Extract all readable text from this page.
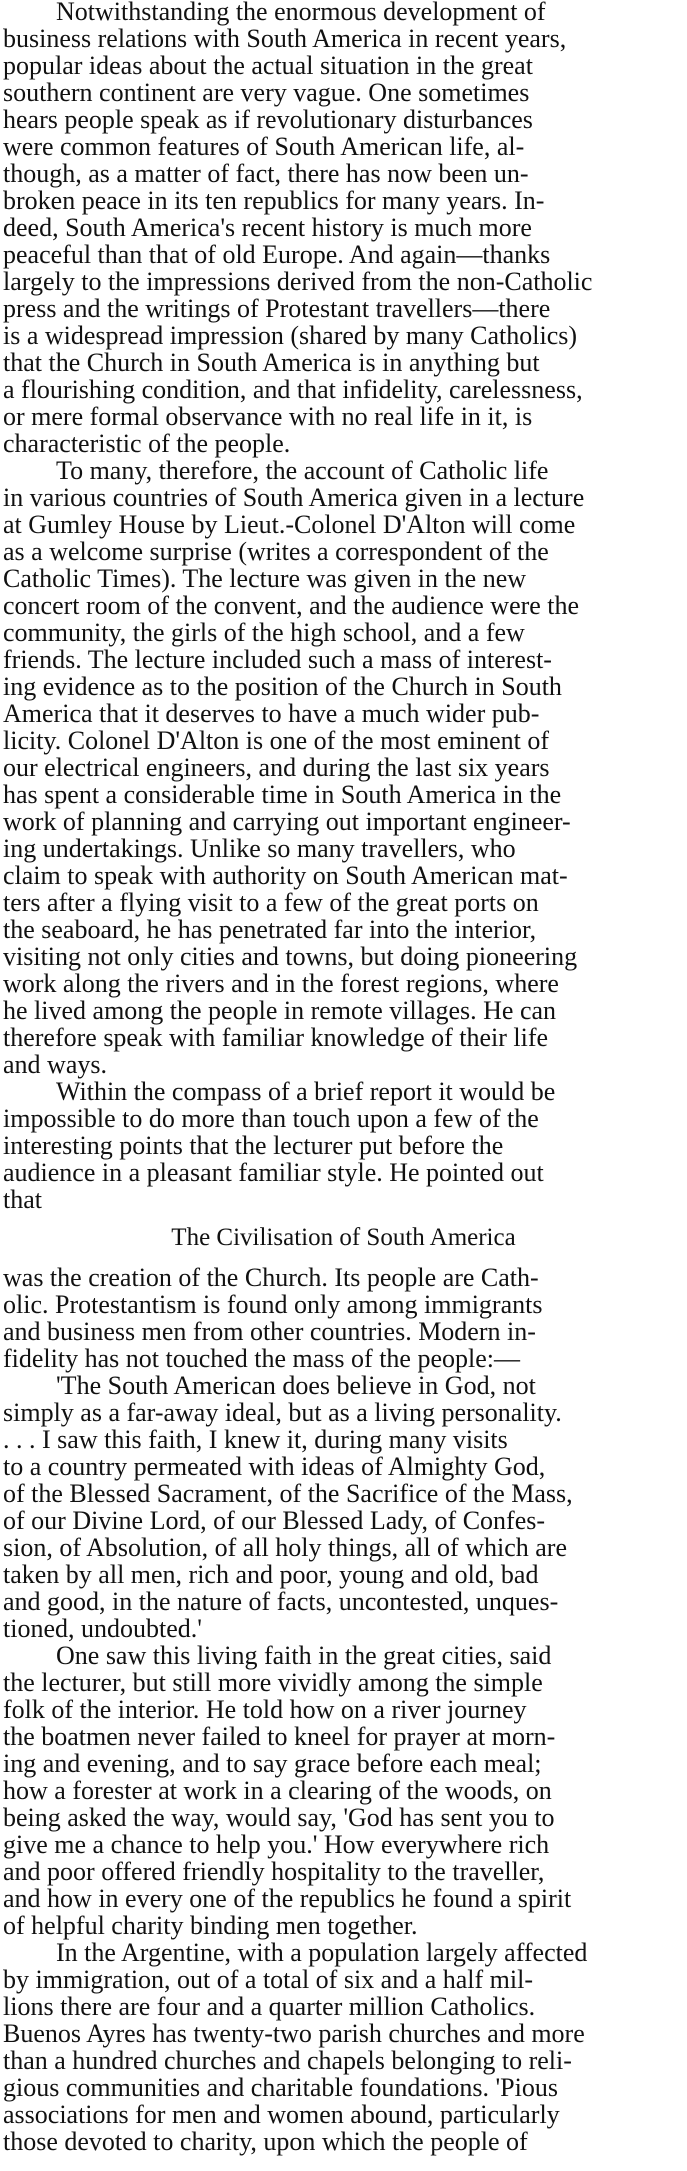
Notwithstanding the enormous development of
business relations with South America in recent years,
popular ideas about the actual situation in the great
southern continent are very vague. One sometimes
hears people speak as if revolutionary disturbances
were common features of South American life, al-
though, as a matter of fact, there has now been un-
broken peace in its ten republics for many years. In-
deed, South America's recent history is much more
peaceful than that of old Europe. And again—thanks
largely to the impressions derived from the non-Catholic
press and the writings of Protestant travellers—there
is a widespread impression (shared by many Catholics)
that the Church in South America is in anything but
a flourishing condition, and that infidelity, carelessness,
or mere formal observance with no real life in it, is
characteristic of the people.
To many, therefore, the account of Catholic life
in various countries of South America given in a lecture
at Gumley House by Lieut.-Colonel D'Alton will come
as a welcome surprise (writes a correspondent of the
Catholic Times). The lecture was given in the new
concert room of the convent, and the audience were the
community, the girls of the high school, and a few
friends. The lecture included such a mass of interest-
ing evidence as to the position of the Church in South
America that it deserves to have a much wider pub-
licity. Colonel D'Alton is one of the most eminent of
our electrical engineers, and during the last six years
has spent a considerable time in South America in the
work of planning and carrying out important engineer-
ing undertakings. Unlike so many travellers, who
claim to speak with authority on South American mat-
ters after a flying visit to a few of the great ports on
the seaboard, he has penetrated far into the interior,
visiting not only cities and towns, but doing pioneering
work along the rivers and in the forest regions, where
he lived among the people in remote villages. He can
therefore speak with familiar knowledge of their life
and ways.
Within the compass of a brief report it would be
impossible to do more than touch upon a few of the
interesting points that the lecturer put before the
audience in a pleasant familiar style. He pointed out
that
The Civilisation of South America
was the creation of the Church. Its people are Cath-
olic. Protestantism is found only among immigrants
and business men from other countries. Modern in-
fidelity has not touched the mass of the people:—
'The South American does believe in God, not
simply as a far-away ideal, but as a living personality.
. . . I saw this faith, I knew it, during many visits
to a country permeated with ideas of Almighty God,
of the Blessed Sacrament, of the Sacrifice of the Mass,
of our Divine Lord, of our Blessed Lady, of Confes-
sion, of Absolution, of all holy things, all of which are
taken by all men, rich and poor, young and old, bad
and good, in the nature of facts, uncontested, unques-
tioned, undoubted.'
One saw this living faith in the great cities, said
the lecturer, but still more vividly among the simple
folk of the interior. He told how on a river journey
the boatmen never failed to kneel for prayer at morn-
ing and evening, and to say grace before each meal;
how a forester at work in a clearing of the woods, on
being asked the way, would say, 'God has sent you to
give me a chance to help you.' How everywhere rich
and poor offered friendly hospitality to the traveller,
and how in every one of the republics he found a spirit
of helpful charity binding men together.
In the Argentine, with a population largely affected
by immigration, out of a total of six and a half mil-
lions there are four and a quarter million Catholics.
Buenos Ayres has twenty-two parish churches and more
than a hundred churches and chapels belonging to reli-
gious communities and charitable foundations. 'Pious
associations for men and women abound, particularly
those devoted to charity, upon which the people of
